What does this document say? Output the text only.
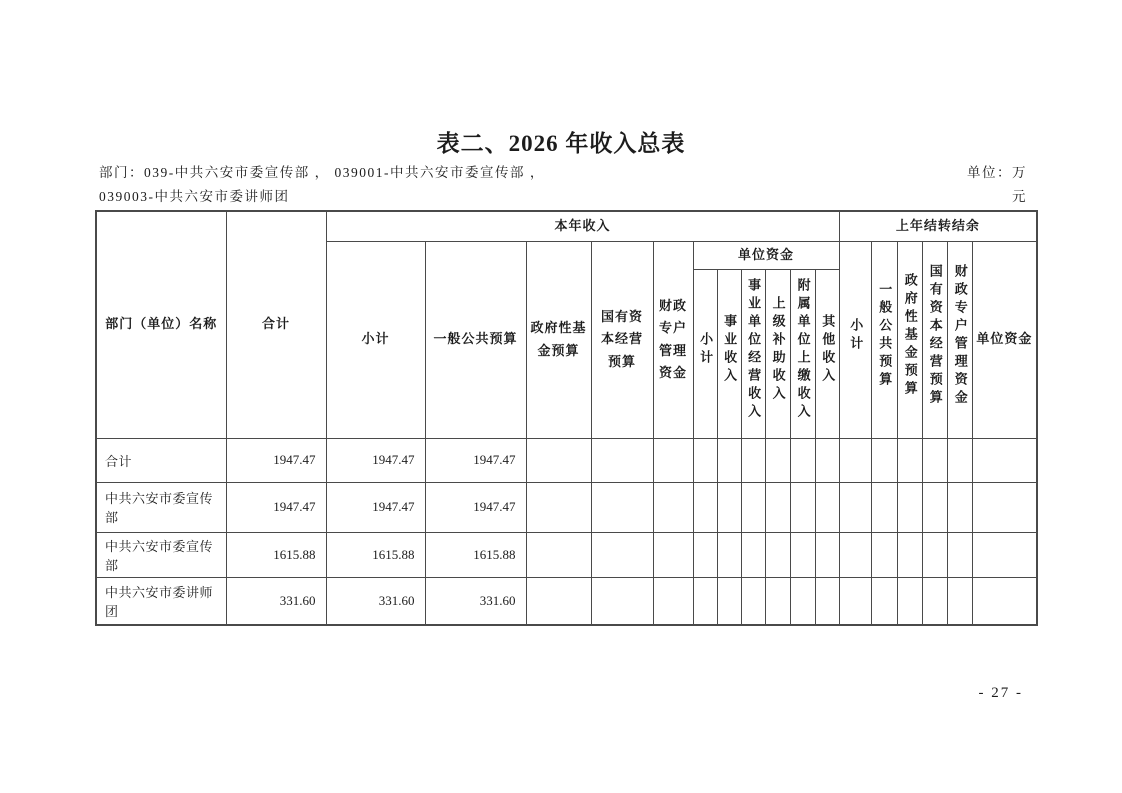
表二、2026 年收入总表
部门：039-中共六安市委宣传部 ， 039001-中共六安市委宣传部 ，
039003-中共六安市委讲师团
单位：万
元
部门（单位）名称	合计	本年收入											上年结转结余					
		小计	一般公共预算	政府性基金预算	国有资本经营预算	财政专户管理资金	单位资金						小计	一般公共预算	政府性基金预算	国有资本经营预算	财政专户管理资金	单位资金
							小计	事业收入	事业单位经营收入	上级补助收入	附属单位上缴收入	其他收入						
合计	1947.47	1947.47	1947.47															
中共六安市委宣传部	1947.47	1947.47	1947.47															
中共六安市委宣传部	1615.88	1615.88	1615.88															
中共六安市委讲师团	331.60	331.60	331.60															
- 27 -
